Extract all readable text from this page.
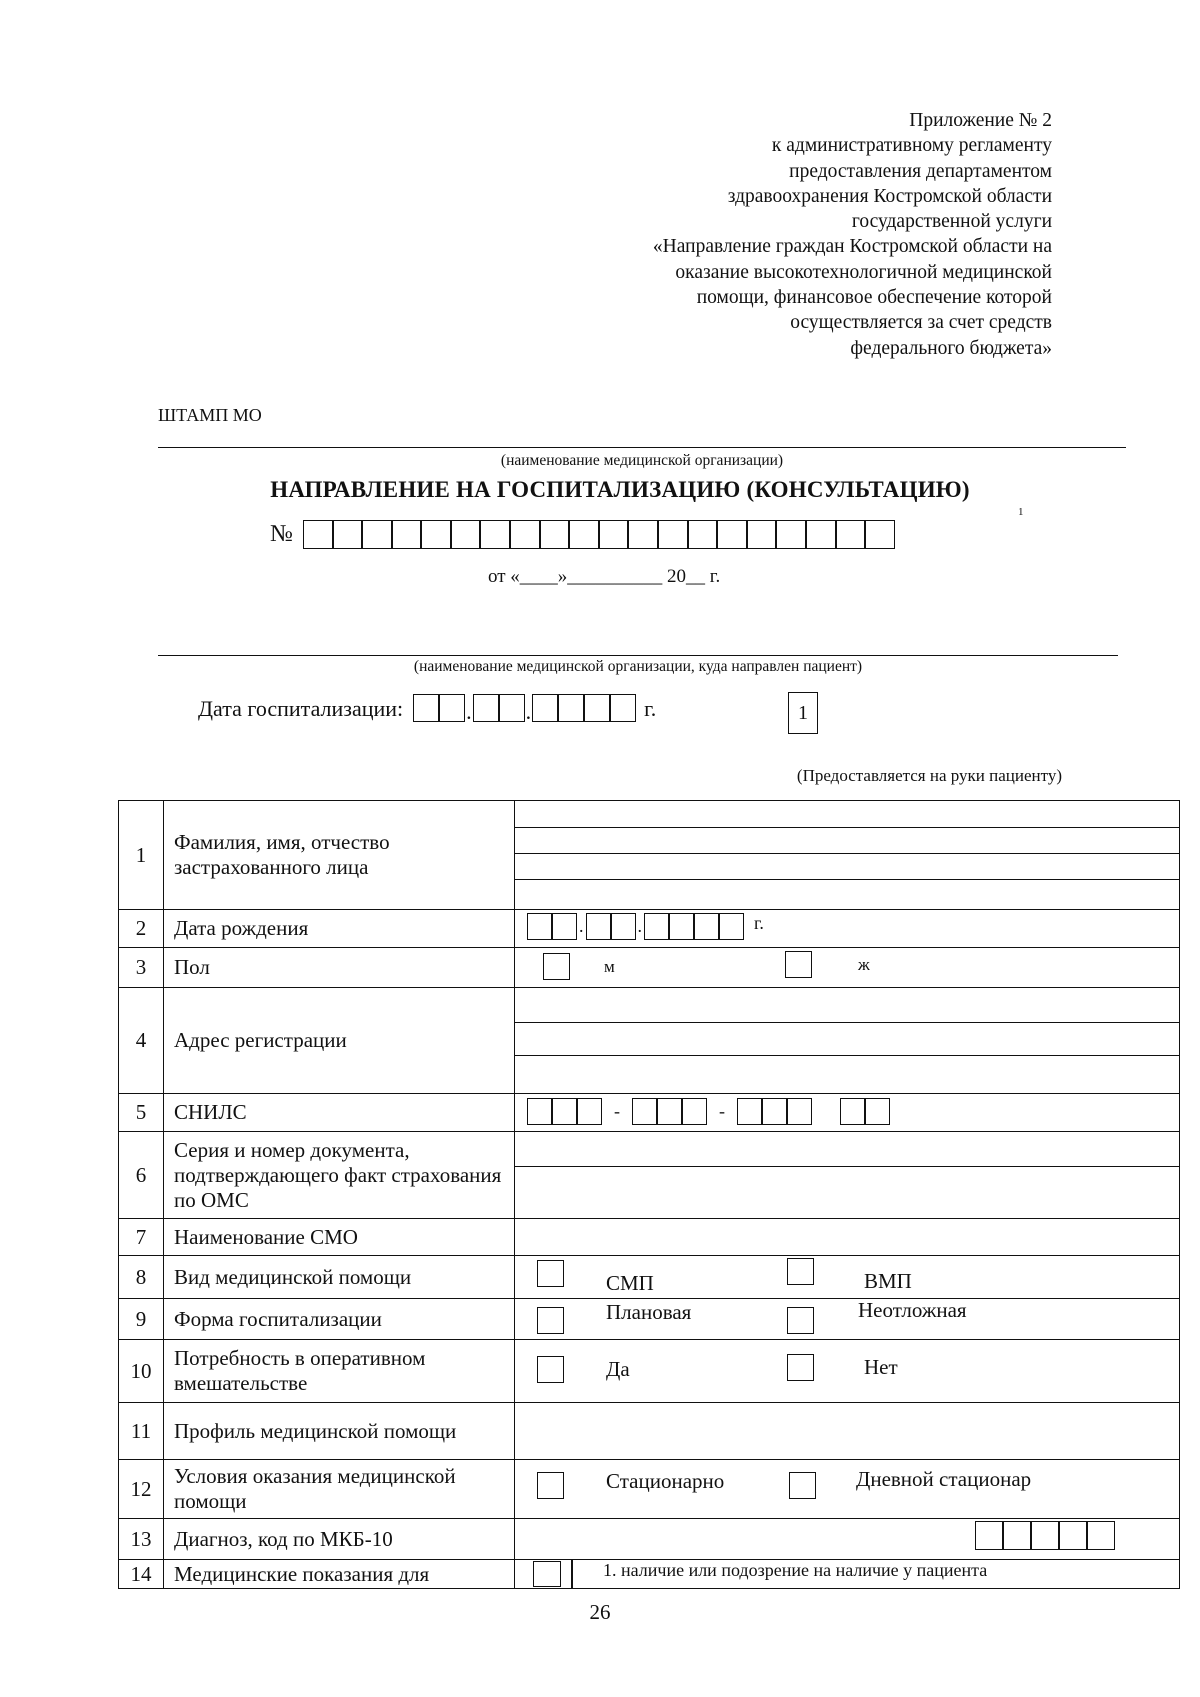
Приложение № 2
к административному регламенту
предоставления департаментом
здравоохранения Костромской области
государственной услуги
«Направление граждан Костромской области на
оказание высокотехнологичной медицинской
помощи, финансовое обеспечение которой
осуществляется за счет средств
федерального бюджета»
ШТАМП МО
(наименование медицинской организации)
НАПРАВЛЕНИЕ НА ГОСПИТАЛИЗАЦИЮ (КОНСУЛЬТАЦИЮ)
1
№
от «____»__________ 20__ г.
(наименование медицинской организации, куда направлен пациент)
Дата госпитализации:	. .	г.	1
(Предоставляется на руки пациенту)
1	Фамилия, имя, отчество застрахованного лица	

2	Дата рождения	. . г.

3	Пол	м ж

4	Адрес регистрации	

5	СНИЛС	- -

6	Серия и номер документа, подтверждающего факт страхования по ОМС	

7	Наименование СМО	
8	Вид медицинской помощи	СМП ВМП

9	Форма госпитализации	Плановая Неотложная

10	Потребность в оперативном вмешательстве	Да Нет

11	Профиль медицинской помощи	
12	Условия оказания медицинской помощи	Стационарно Дневной стационар

13	Диагноз, код по МКБ-10	

14	Медицинские показания для	1. наличие или подозрение на наличие у пациента
26
